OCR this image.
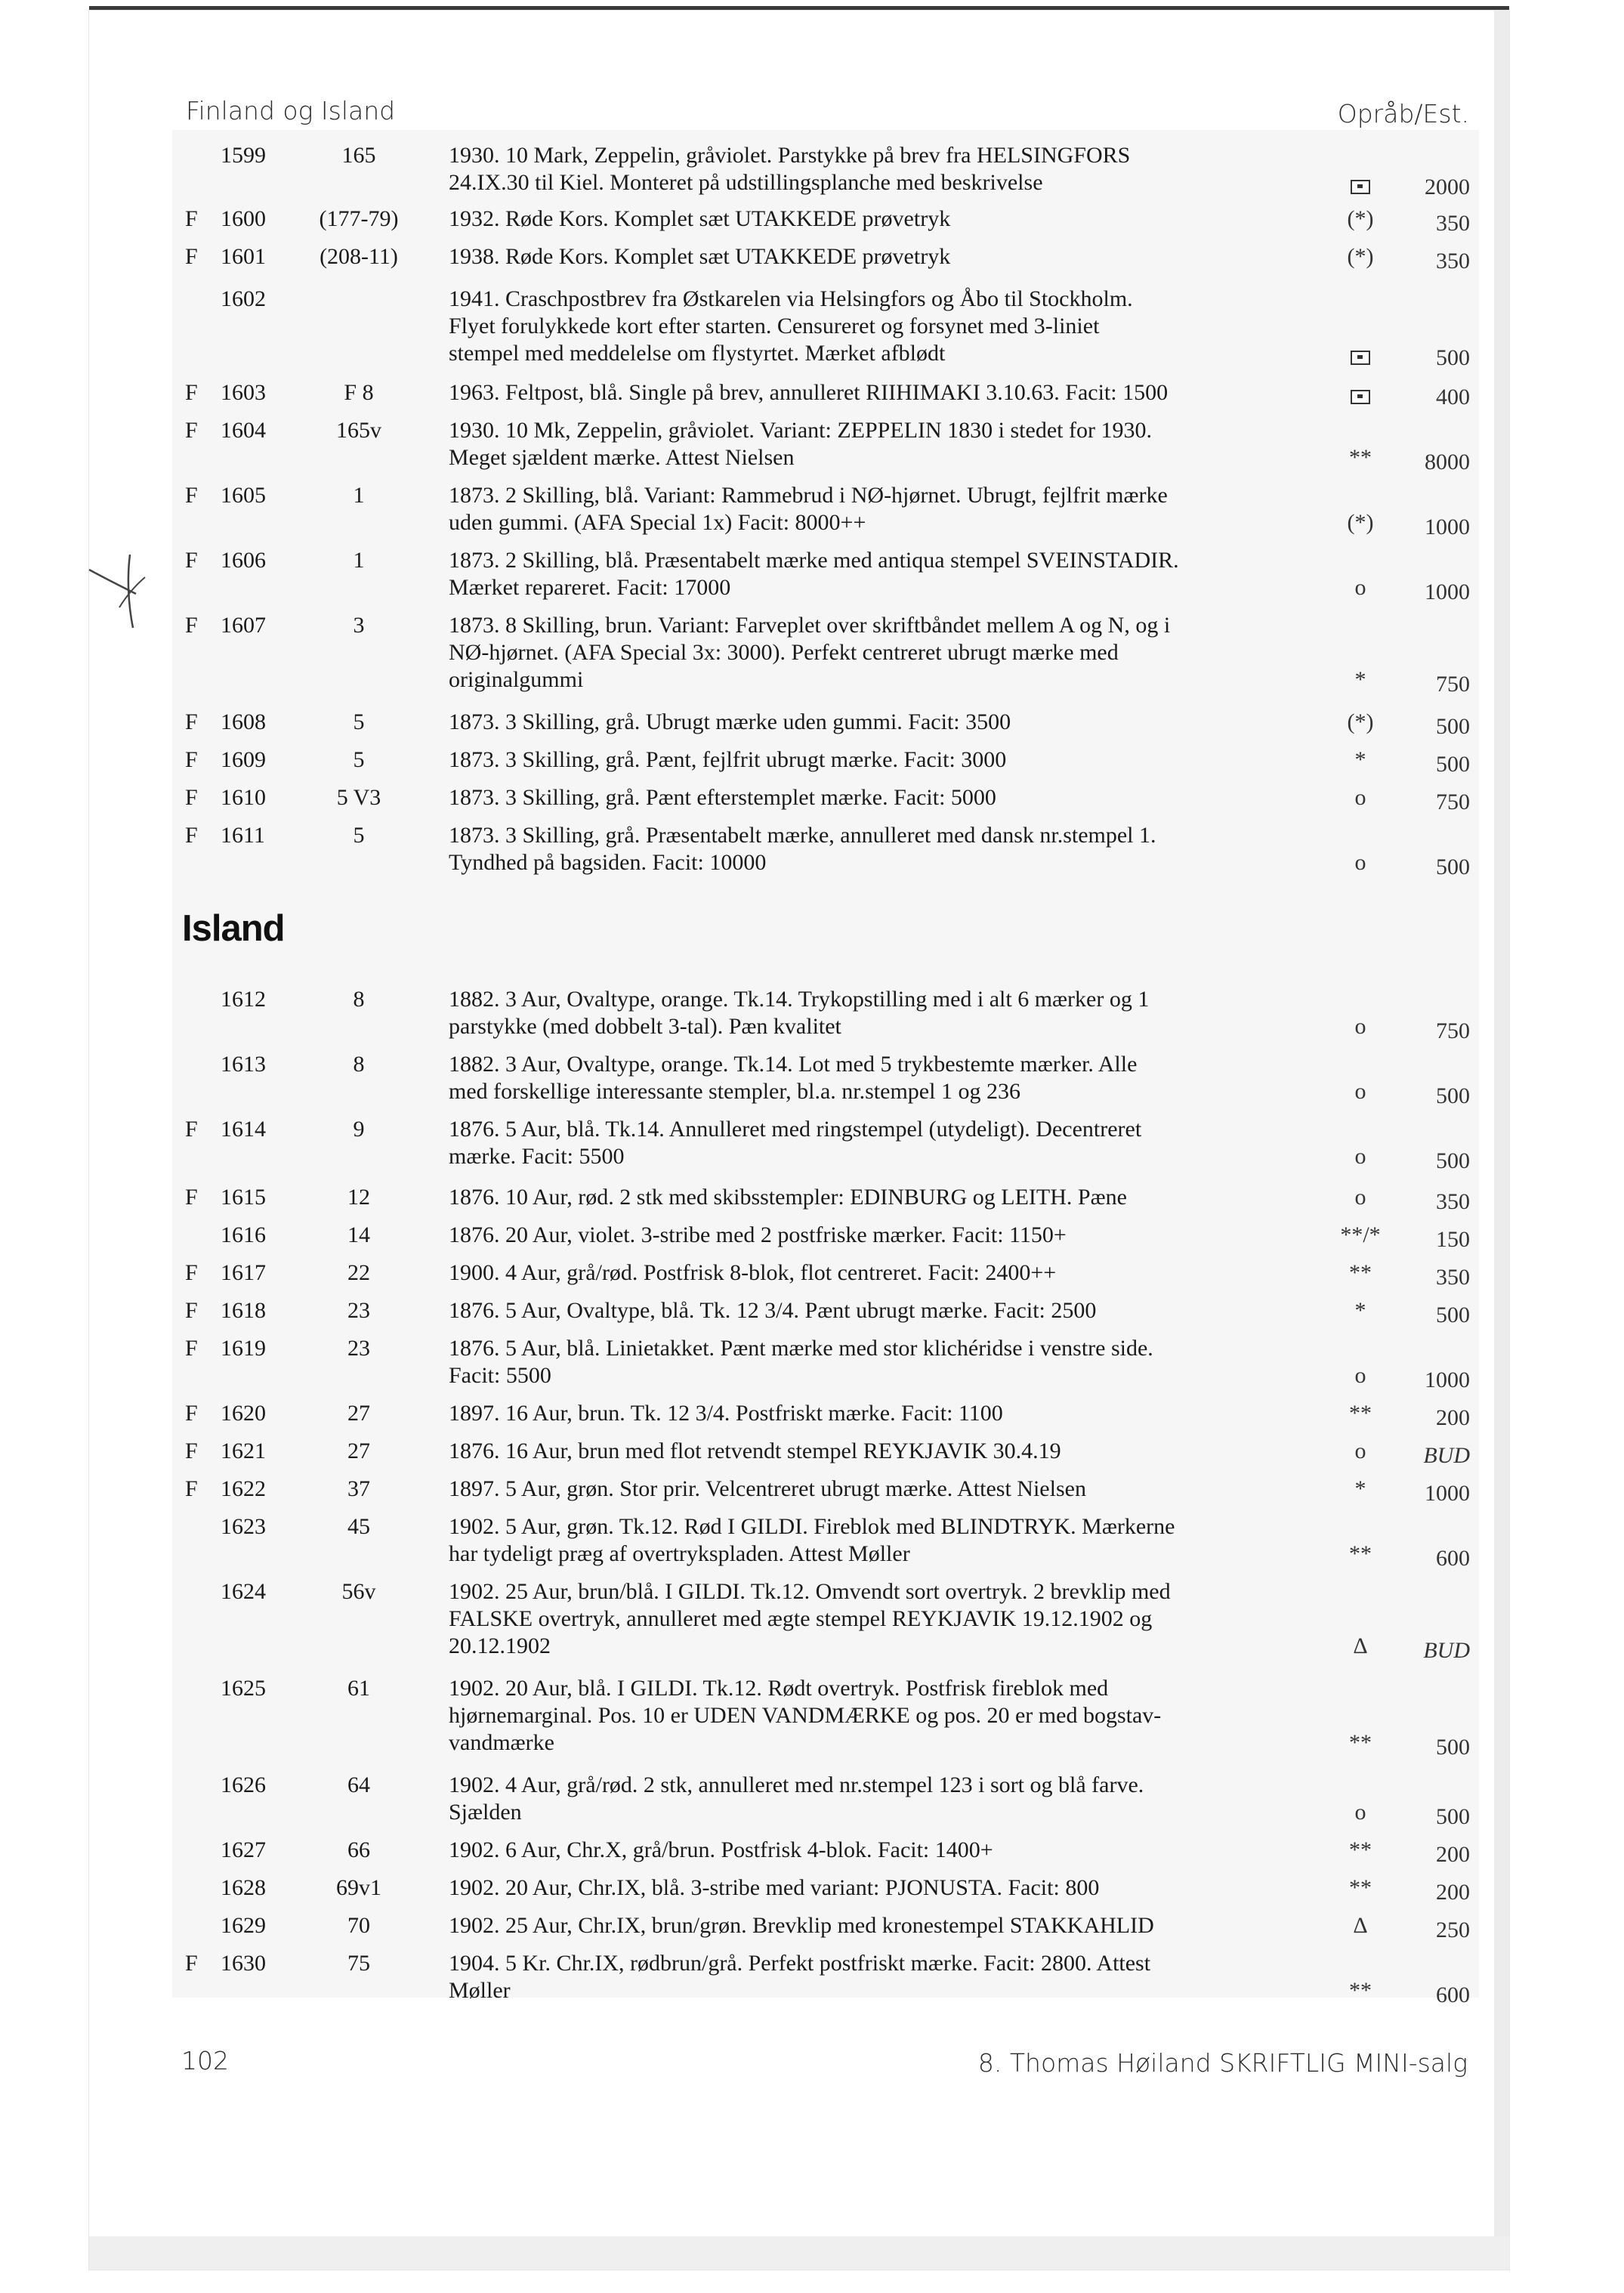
Finland og Island	Opråb/Est.
Island
1599	165	1930. 10 Mark, Zeppelin, gråviolet. Parstykke på brev fra HELSINGFORS
24.IX.30 til Kiel. Monteret på udstillingsplanche med beskrivelse	2000
F	1600	(177-79)	1932. Røde Kors. Komplet sæt UTAKKEDE prøvetryk	(*)	350
F	1601	(208-11)	1938. Røde Kors. Komplet sæt UTAKKEDE prøvetryk	(*)	350
1602	1941. Craschpostbrev fra Østkarelen via Helsingfors og Åbo til Stockholm.
Flyet forulykkede kort efter starten. Censureret og forsynet med 3-liniet
stempel med meddelelse om flystyrtet. Mærket afblødt	500
F	1603	F 8	1963. Feltpost, blå. Single på brev, annulleret RIIHIMAKI 3.10.63. Facit: 1500	400
F	1604	165v	1930. 10 Mk, Zeppelin, gråviolet. Variant: ZEPPELIN 1830 i stedet for 1930.
Meget sjældent mærke. Attest Nielsen	**	8000
F	1605	1	1873. 2 Skilling, blå. Variant: Rammebrud i NØ-hjørnet. Ubrugt, fejlfrit mærke
uden gummi. (AFA Special 1x) Facit: 8000++	(*)	1000
F	1606	1	1873. 2 Skilling, blå. Præsentabelt mærke med antiqua stempel SVEINSTADIR.
Mærket repareret. Facit: 17000	o	1000
F	1607	3	1873. 8 Skilling, brun. Variant: Farveplet over skriftbåndet mellem A og N, og i
NØ-hjørnet. (AFA Special 3x: 3000). Perfekt centreret ubrugt mærke med
originalgummi	*	750
F	1608	5	1873. 3 Skilling, grå. Ubrugt mærke uden gummi. Facit: 3500	(*)	500
F	1609	5	1873. 3 Skilling, grå. Pænt, fejlfrit ubrugt mærke. Facit: 3000	*	500
F	1610	5 V3	1873. 3 Skilling, grå. Pænt efterstemplet mærke. Facit: 5000	o	750
F	1611	5	1873. 3 Skilling, grå. Præsentabelt mærke, annulleret med dansk nr.stempel 1.
Tyndhed på bagsiden. Facit: 10000	o	500
1612	8	1882. 3 Aur, Ovaltype, orange. Tk.14. Trykopstilling med i alt 6 mærker og 1
parstykke (med dobbelt 3-tal). Pæn kvalitet	o	750
1613	8	1882. 3 Aur, Ovaltype, orange. Tk.14. Lot med 5 trykbestemte mærker. Alle
med forskellige interessante stempler, bl.a. nr.stempel 1 og 236	o	500
F	1614	9	1876. 5 Aur, blå. Tk.14. Annulleret med ringstempel (utydeligt). Decentreret
mærke. Facit: 5500	o	500
F	1615	12	1876. 10 Aur, rød. 2 stk med skibsstempler: EDINBURG og LEITH. Pæne	o	350
1616	14	1876. 20 Aur, violet. 3-stribe med 2 postfriske mærker. Facit: 1150+	**/*	150
F	1617	22	1900. 4 Aur, grå/rød. Postfrisk 8-blok, flot centreret. Facit: 2400++	**	350
F	1618	23	1876. 5 Aur, Ovaltype, blå. Tk. 12 3/4. Pænt ubrugt mærke. Facit: 2500	*	500
F	1619	23	1876. 5 Aur, blå. Linietakket. Pænt mærke med stor klichéridse i venstre side.
Facit: 5500	o	1000
F	1620	27	1897. 16 Aur, brun. Tk. 12 3/4. Postfriskt mærke. Facit: 1100	**	200
F	1621	27	1876. 16 Aur, brun med flot retvendt stempel REYKJAVIK 30.4.19	o	BUD
F	1622	37	1897. 5 Aur, grøn. Stor prir. Velcentreret ubrugt mærke. Attest Nielsen	*	1000
1623	45	1902. 5 Aur, grøn. Tk.12. Rød I GILDI. Fireblok med BLINDTRYK. Mærkerne
har tydeligt præg af overtrykspladen. Attest Møller	**	600
1624	56v	1902. 25 Aur, brun/blå. I GILDI. Tk.12. Omvendt sort overtryk. 2 brevklip med
FALSKE overtryk, annulleret med ægte stempel REYKJAVIK 19.12.1902 og
20.12.1902	Δ	BUD
1625	61	1902. 20 Aur, blå. I GILDI. Tk.12. Rødt overtryk. Postfrisk fireblok med
hjørnemarginal. Pos. 10 er UDEN VANDMÆRKE og pos. 20 er med bogstav-
vandmærke	**	500
1626	64	1902. 4 Aur, grå/rød. 2 stk, annulleret med nr.stempel 123 i sort og blå farve.
Sjælden	o	500
1627	66	1902. 6 Aur, Chr.X, grå/brun. Postfrisk 4-blok. Facit: 1400+	**	200
1628	69v1	1902. 20 Aur, Chr.IX, blå. 3-stribe med variant: PJONUSTA. Facit: 800	**	200
1629	70	1902. 25 Aur, Chr.IX, brun/grøn. Brevklip med kronestempel STAKKAHLID	Δ	250
F	1630	75	1904. 5 Kr. Chr.IX, rødbrun/grå. Perfekt postfriskt mærke. Facit: 2800. Attest
Møller	**	600
102	8. Thomas Høiland SKRIFTLIG MINI-salg
